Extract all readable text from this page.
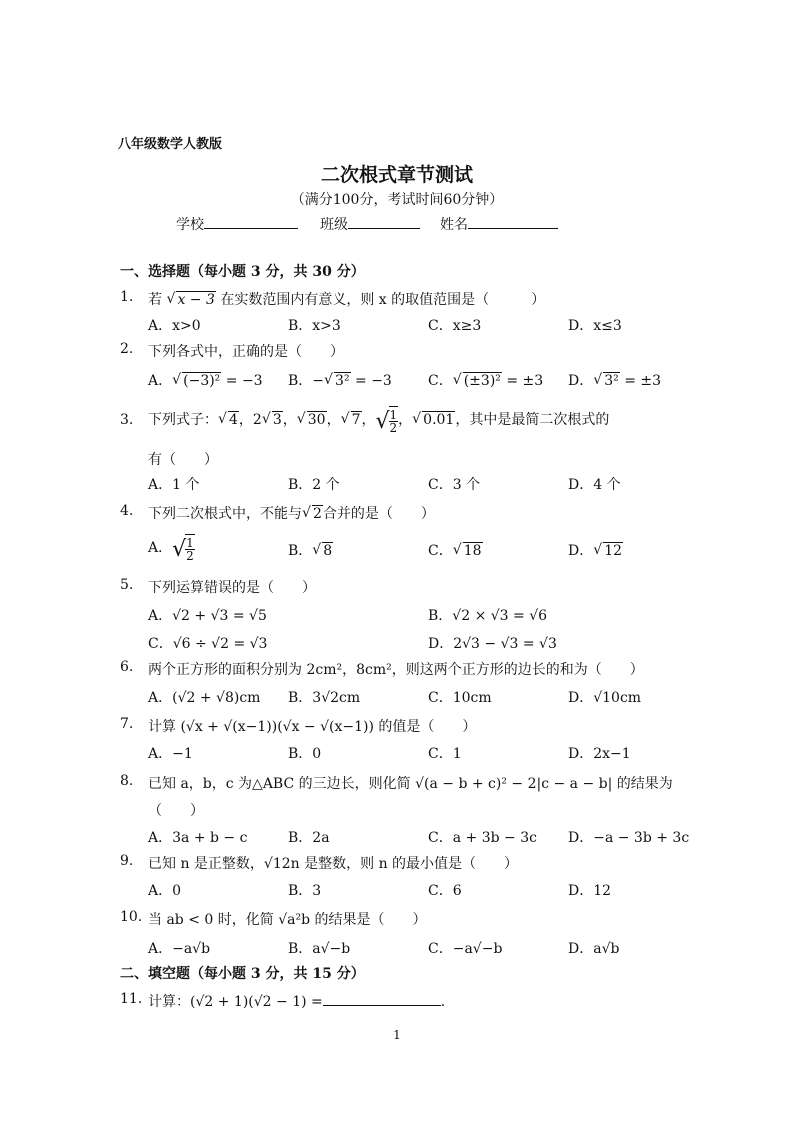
八年级数学人教版
二次根式章节测试
（满分100分，考试时间60分钟）
学校	班级	姓名
一、选择题（每小题 3 分，共 30 分）
1. 若 √ x − 3 在实数范围内有意义，则 x 的取值范围是（　　　）
A．x>0	B．x>3	C．x≥3	D．x≤3
2. 下列各式中，正确的是（　　）
A． √ (−3)² = −3 B．− √ 3² = −3	C． √ (±3)² = ±3 D． √ 3² = ±3
3. 下列式子： √ 4，2 √ 3， √ 30， √ 7， √ $\frac{1}{2}$ ， √ 0.01，其中是最简二次根式的
有（　　）
A．1 个	B．2 个	C．3 个	D．4 个
4. 下列二次根式中，不能与 √ 2合并的是（　　）
A． √ $\frac{1}{2}$	B． √ 8	C． √ 18	D． √ 12
5. 下列运算错误的是（　　）
A．√2 + √3 = √5	B．√2 × √3 = √6
C．√6 ÷ √2 = √3	D．2√3 − √3 = √3
6. 两个正方形的面积分别为 2cm²，8cm²，则这两个正方形的边长的和为（　　）
A．(√2 + √8)cm B．3√2cm	C．10cm	D．√10cm
7. 计算 (√x + √(x−1))(√x − √(x−1)) 的值是（　　）
A．−1	B．0	C．1	D．2x−1
8. 已知 a，b，c 为△ABC 的三边长，则化简 √(a − b + c)² − 2|c − a − b| 的结果为
（　　）
A．3a + b − c	B．2a	C．a + 3b − 3c D．−a − 3b + 3c
9. 已知 n 是正整数，√12n 是整数，则 n 的最小值是（　　）
A．0	B．3	C．6	D．12
10. 当 ab < 0 时，化简 √a²b 的结果是（　　）
A．−a√b	B．a√−b	C．−a√−b	D．a√b
二、填空题（每小题 3 分，共 15 分）
11. 计算：(√2 + 1)(√2 − 1) =	.
1
